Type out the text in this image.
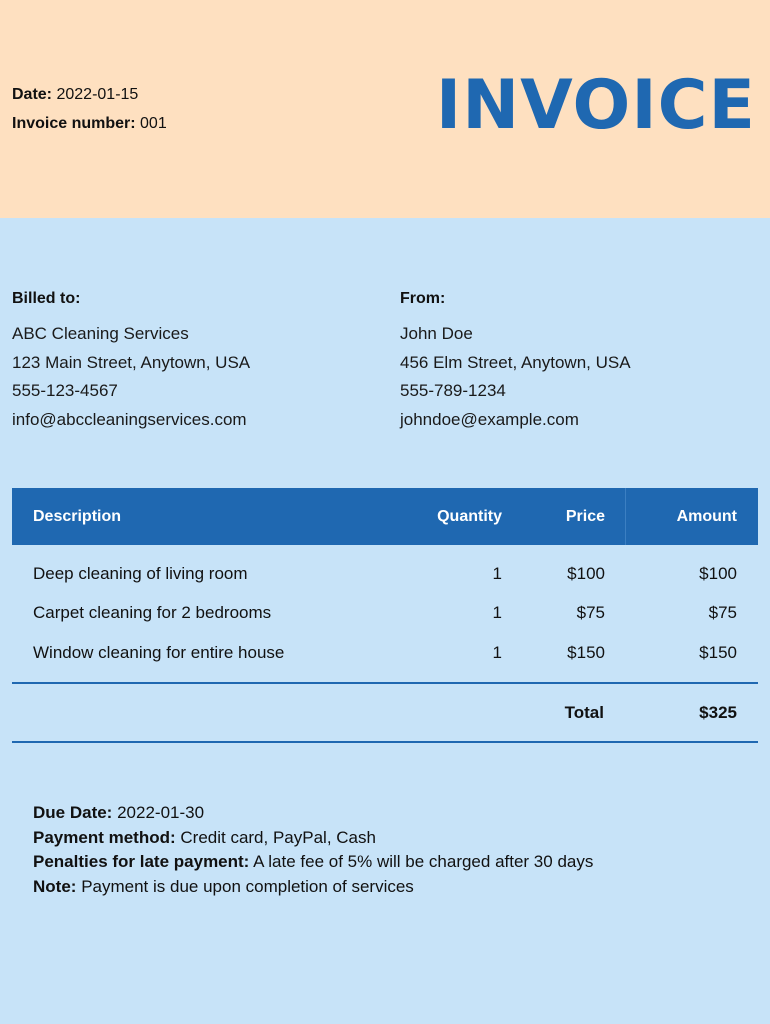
Date: 2022-01-15
Invoice number: 001	INVOICE
Billed to:
ABC Cleaning Services
123 Main Street, Anytown, USA
555-123-4567
info@abccleaningservices.com
From:
John Doe
456 Elm Street, Anytown, USA
555-789-1234
johndoe@example.com
Description	Quantity	Price	Amount
Deep cleaning of living room	1	$100	$100
Carpet cleaning for 2 bedrooms	1	$75	$75
Window cleaning for entire house	1	$150	$150
Total	$325
Due Date: 2022-01-30
Payment method: Credit card, PayPal, Cash
Penalties for late payment: A late fee of 5% will be charged after 30 days
Note: Payment is due upon completion of services
